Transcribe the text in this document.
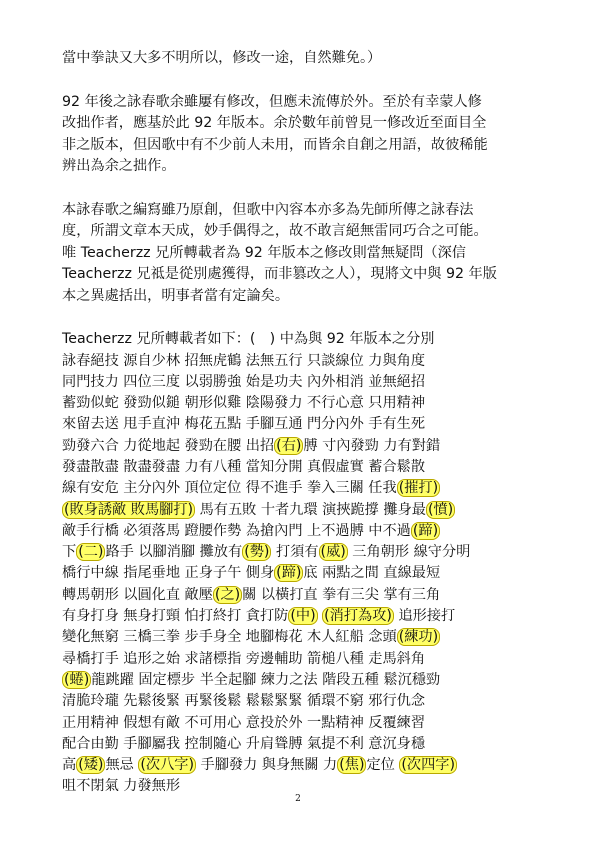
當中拳訣又大多不明所以，修改一途，自然難免。）

92 年後之詠春歌余雖屢有修改，但應未流傳於外。至於有幸蒙人修

改拙作者，應基於此 92 年版本。余於數年前曾見一修改近至面目全

非之版本，但因歌中有不少前人未用，而皆余自創之用語，故彼稀能

辨出為余之拙作。

本詠春歌之編寫雖乃原創，但歌中內容本亦多為先師所傳之詠春法

度，所謂文章本天成，妙手偶得之，故不敢言絕無雷同巧合之可能。

唯 Teacherzz 兄所轉載者為 92 年版本之修改則當無疑問（深信

Teacherzz 兄祗是從別處獲得，而非篡改之人），現將文中與 92 年版

本之異處括出，明事者當有定論矣。

Teacherzz 兄所轉載者如下：(　) 中為與 92 年版本之分別

詠春絕技 源自少林 招無虎鶴 法無五行 只談線位 力與角度

同門技力 四位三度 以弱勝強 始是功夫 內外相消 並無絕招

蓄勁似蛇 發勁似鎚 朝形似雞 陰陽發力 不行心意 只用精神

來留去送 甩手直沖 梅花五點 手腳互通 門分內外 手有生死

勁發六合 力從地起 發勁在腰 出招 (右) 膊 寸內發勁 力有對錯

發盡散盡 散盡發盡 力有八種 當知分開 真假虛實 蓄合鬆散

線有安危 主分內外 頂位定位 得不進手 拳入三關 任我 (摧打)

(敗身誘敵 敗馬腳打) 馬有五敗 十者九環 演挾跪撐 攤身最 (憤)

敵手行橋 必須落馬 蹬腰作勢 為搶內門 上不過膊 中不過 (蹄)

下 (二) 路手 以腳消腳 攤放有 (勢) 打須有 (威) 三角朝形 線守分明

橋行中線 指尾垂地 正身子午 側身 (蹄) 底 兩點之間 直線最短

轉馬朝形 以圓化直 敵壓 (之) 關 以橫打直 拳有三尖 掌有三角

有身打身 無身打頸 怕打終打 貪打防 (中) (消打為攻) 追形接打

變化無窮 三橋三拳 步手身全 地腳梅花 木人紅船 念頭 (練功)

尋橋打手 追形之始 求諸標指 旁邊輔助 箭槌八種 走馬斜角

(蜷) 龍跳躍 固定標步 半全起腳 練力之法 階段五種 鬆沉穩勁

清脆玲瓏 先鬆後緊 再緊後鬆 鬆鬆緊緊 循環不窮 邪行仇念

正用精神 假想有敵 不可用心 意投於外 一點精神 反覆練習

配合由勤 手腳屬我 控制隨心 升肩聳膊 氣提不利 意沉身穩

高 (矮) 無忌 (次八字) 手腳發力 與身無關 力 (焦) 定位 (次四字)

咀不閉氣 力發無形

2
